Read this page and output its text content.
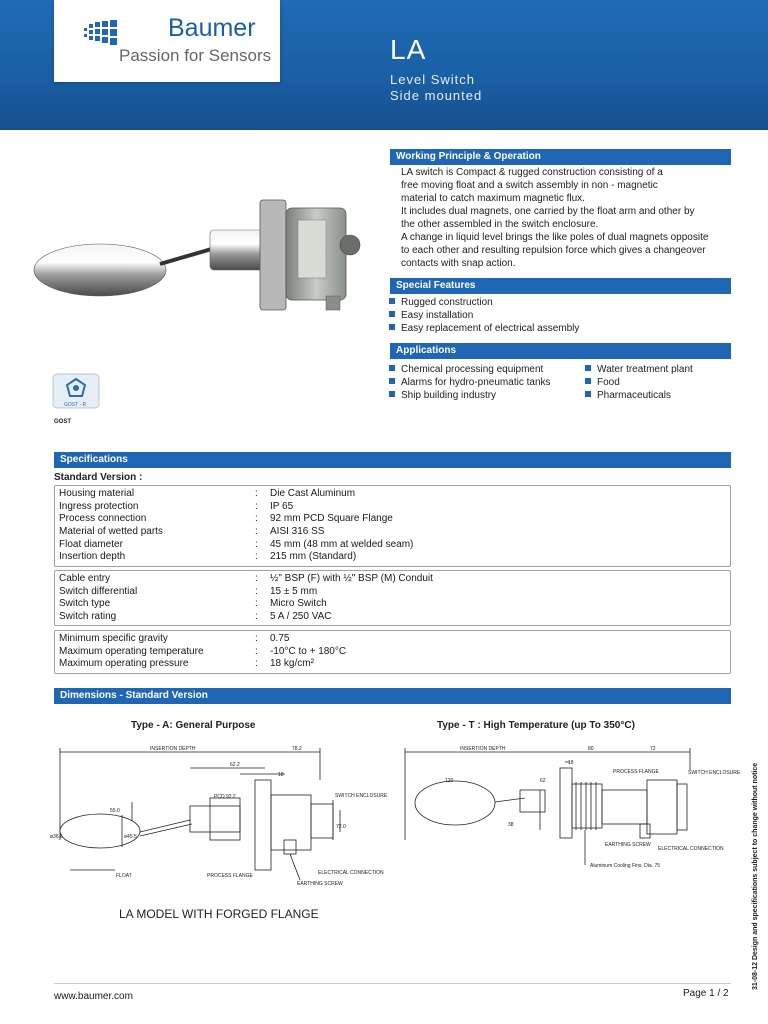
Baumer
Passion for Sensors	LA
Level Switch
Side mounted
GOST - R
GOST
Working Principle & Operation
LA switch is Compact & rugged construction consisting of a
free moving float and a switch assembly in non - magnetic
material to catch maximum magnetic flux.
It includes dual magnets, one carried by the float arm and other by
the other assembled in the switch enclosure.
A change in liquid level brings the like poles of dual magnets opposite
to each other and resulting repulsion force which gives a changeover
contacts with snap action.
Special Features
Rugged construction
Easy installation
Easy replacement of electrical assembly
Applications
Chemical processing equipment
Alarms for hydro-pneumatic tanks
Ship building industry
Water treatment plant
Food
Pharmaceuticals
Specifications
Standard Version :
Housing material	: Die Cast Aluminum
Ingress protection	: IP 65
Process connection	: 92 mm PCD Square Flange
Material of wetted parts	: AISI 316 SS
Float diameter	: 45 mm (48 mm at welded seam)
Insertion depth	: 215 mm (Standard)
Cable entry	: ½" BSP (F) with ½" BSP (M) Conduit
Switch differential	: 15 ± 5 mm
Switch type	: Micro Switch
Switch rating	: 5 A / 250 VAC
Minimum specific gravity	: 0.75
Maximum operating temperature	: -10°C to + 180°C
Maximum operating pressure	: 18 kg/cm²
Dimensions - Standard Version
Type - A: General Purpose	Type - T : High Temperature (up To 350°C)
INSERTION DEPTH	78.2
62.2
18
PCD 92.2
55.0
ø36.6	ø45.5
72.0
SWITCH ENCLOSURE
FLOAT	PROCESS FLANGE	ELECTRICAL CONNECTION
EARTHING SCREW
LA MODEL WITH FORGED FLANGE
INSERTION DEPTH	80	72
18
120	62
38
PROCESS FLANGE	SWITCH ENCLOSURE
EARTHING SCREW
ELECTRICAL CONNECTION
Aluminum Cooling Fins, Dia. 75
www.baumer.com	Page 1 / 2
31-08-12 Design and specifications subject to change without notice
